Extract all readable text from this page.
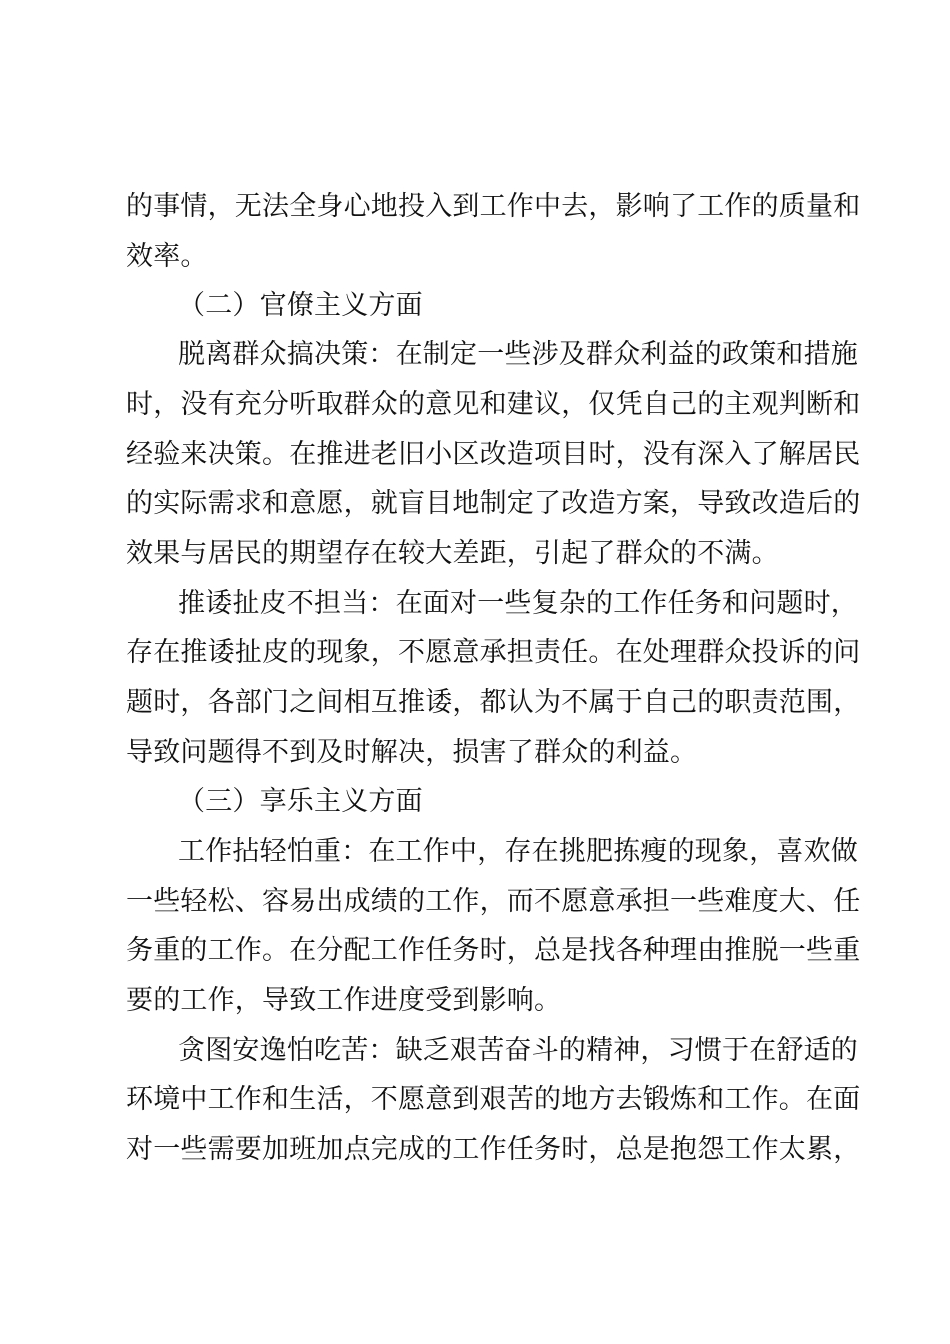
的事情，无法全身心地投入到工作中去，影响了工作的质量和
效率。
（二）官僚主义方面
脱离群众搞决策：在制定一些涉及群众利益的政策和措施
时，没有充分听取群众的意见和建议，仅凭自己的主观判断和
经验来决策。在推进老旧小区改造项目时，没有深入了解居民
的实际需求和意愿，就盲目地制定了改造方案，导致改造后的
效果与居民的期望存在较大差距，引起了群众的不满。
推诿扯皮不担当：在面对一些复杂的工作任务和问题时，
存在推诿扯皮的现象，不愿意承担责任。在处理群众投诉的问
题时，各部门之间相互推诿，都认为不属于自己的职责范围，
导致问题得不到及时解决，损害了群众的利益。
（三）享乐主义方面
工作拈轻怕重：在工作中，存在挑肥拣瘦的现象，喜欢做
一些轻松、容易出成绩的工作，而不愿意承担一些难度大、任
务重的工作。在分配工作任务时，总是找各种理由推脱一些重
要的工作，导致工作进度受到影响。
贪图安逸怕吃苦：缺乏艰苦奋斗的精神，习惯于在舒适的
环境中工作和生活，不愿意到艰苦的地方去锻炼和工作。在面
对一些需要加班加点完成的工作任务时，总是抱怨工作太累，
